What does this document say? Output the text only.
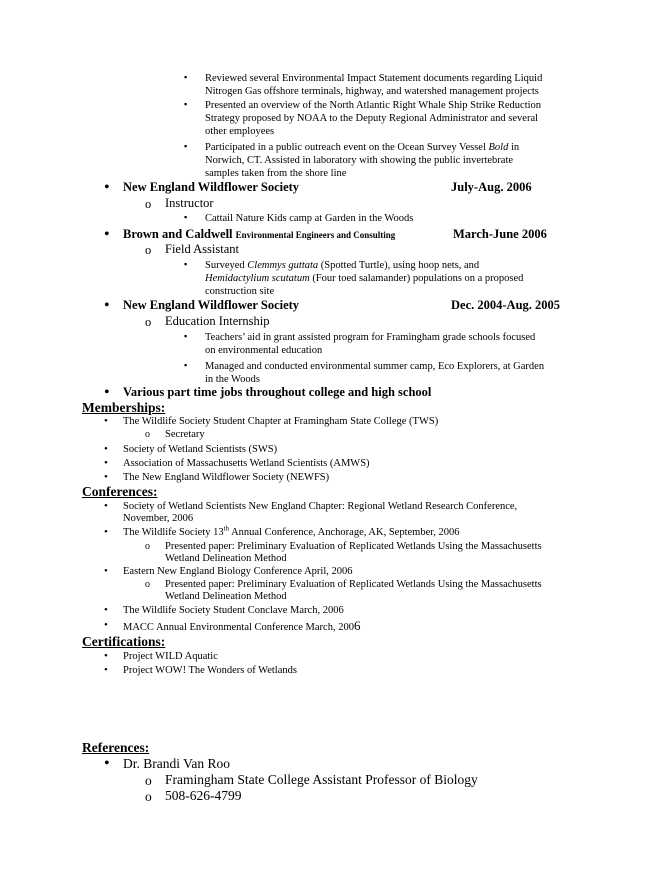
▪ Reviewed several Environmental Impact Statement documents regarding Liquid
Nitrogen Gas offshore terminals, highway, and watershed management projects
▪ Presented an overview of the North Atlantic Right Whale Ship Strike Reduction
Strategy proposed by NOAA to the Deputy Regional Administrator and several
other employees
▪ Participated in a public outreach event on the Ocean Survey Vessel Bold in
Norwich, CT. Assisted in laboratory with showing the public invertebrate
samples taken from the shore line
• New England Wildflower Society	July-Aug. 2006
o Instructor
▪ Cattail Nature Kids camp at Garden in the Woods
• Brown and Caldwell Environmental Engineers and Consulting	March-June 2006
o Field Assistant
▪ Surveyed Clemmys guttata (Spotted Turtle), using hoop nets, and
Hemidactylium scutatum (Four toed salamander) populations on a proposed
construction site
• New England Wildflower Society	Dec. 2004-Aug. 2005
o Education Internship
▪ Teachers’ aid in grant assisted program for Framingham grade schools focused
on environmental education
▪ Managed and conducted environmental summer camp, Eco Explorers, at Garden
in the Woods
• Various part time jobs throughout college and high school
Memberships:
• The Wildlife Society Student Chapter at Framingham State College (TWS)
o Secretary
• Society of Wetland Scientists (SWS)
• Association of Massachusetts Wetland Scientists (AMWS)
• The New England Wildflower Society (NEWFS)
Conferences:
• Society of Wetland Scientists New England Chapter: Regional Wetland Research Conference,
November, 2006
• The Wildlife Society 13th Annual Conference, Anchorage, AK, September, 2006
o Presented paper: Preliminary Evaluation of Replicated Wetlands Using the Massachusetts
Wetland Delineation Method
• Eastern New England Biology Conference April, 2006
o Presented paper: Preliminary Evaluation of Replicated Wetlands Using the Massachusetts
Wetland Delineation Method
• The Wildlife Society Student Conclave March, 2006
• MACC Annual Environmental Conference March, 2006
Certifications:
• Project WILD Aquatic
• Project WOW! The Wonders of Wetlands
References:
• Dr. Brandi Van Roo
o Framingham State College Assistant Professor of Biology
o 508-626-4799
